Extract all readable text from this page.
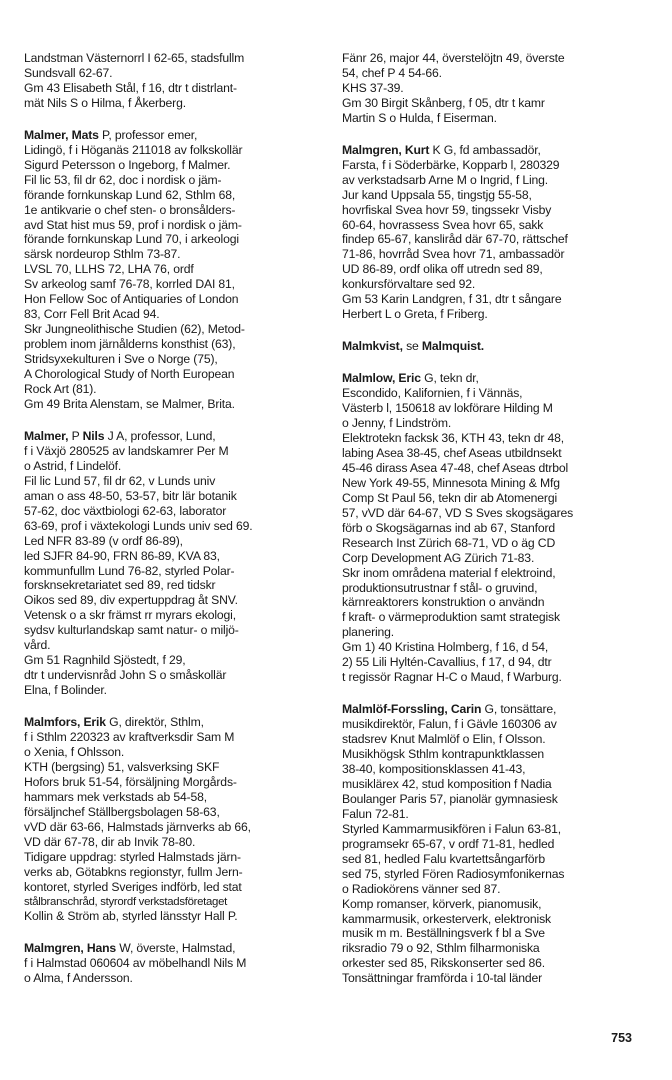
Landstman Västernorrl I 62-65, stadsfullm
Sundsvall 62-67.
Gm 43 Elisabeth Stål, f 16, dtr t distrlant-
mät Nils S o Hilma, f Åkerberg.
Malmer, Mats P, professor emer,
Lidingö, f i Höganäs 211018 av folkskollär
Sigurd Petersson o Ingeborg, f Malmer.
Fil lic 53, fil dr 62, doc i nordisk o jäm-
förande fornkunskap Lund 62, Sthlm 68,
1e antikvarie o chef sten- o bronsålders-
avd Stat hist mus 59, prof i nordisk o jäm-
förande fornkunskap Lund 70, i arkeologi
särsk nordeurop Sthlm 73-87.
LVSL 70, LLHS 72, LHA 76, ordf
Sv arkeolog samf 76-78, korrled DAI 81,
Hon Fellow Soc of Antiquaries of London
83, Corr Fell Brit Acad 94.
Skr Jungneolithische Studien (62), Metod-
problem inom järnålderns konsthist (63),
Stridsyxekulturen i Sve o Norge (75),
A Chorological Study of North European
Rock Art (81).
Gm 49 Brita Alenstam, se Malmer, Brita.
Malmer, P Nils J A, professor, Lund,
f i Växjö 280525 av landskamrer Per M
o Astrid, f Lindelöf.
Fil lic Lund 57, fil dr 62, v Lunds univ
aman o ass 48-50, 53-57, bitr lär botanik
57-62, doc växtbiologi 62-63, laborator
63-69, prof i växtekologi Lunds univ sed 69.
Led NFR 83-89 (v ordf 86-89),
led SJFR 84-90, FRN 86-89, KVA 83,
kommunfullm Lund 76-82, styrled Polar-
forsknsekretariatet sed 89, red tidskr
Oikos sed 89, div expertuppdrag åt SNV.
Vetensk o a skr främst rr myrars ekologi,
sydsv kulturlandskap samt natur- o miljö-
vård.
Gm 51 Ragnhild Sjöstedt, f 29,
dtr t undervisnråd John S o småskollär
Elna, f Bolinder.
Malmfors, Erik G, direktör, Sthlm,
f i Sthlm 220323 av kraftverksdir Sam M
o Xenia, f Ohlsson.
KTH (bergsing) 51, valsverksing SKF
Hofors bruk 51-54, försäljning Morgårds-
hammars mek verkstads ab 54-58,
försäljnchef Ställbergsbolagen 58-63,
vVD där 63-66, Halmstads järnverks ab 66,
VD där 67-78, dir ab Invik 78-80.
Tidigare uppdrag: styrled Halmstads järn-
verks ab, Götabkns regionstyr, fullm Jern-
kontoret, styrled Sveriges indförb, led stat
stålbranschråd, styrordf verkstadsföretaget
Kollin & Ström ab, styrled länsstyr Hall P.
Malmgren, Hans W, överste, Halmstad,
f i Halmstad 060604 av möbelhandl Nils M
o Alma, f Andersson.
Fänr 26, major 44, överstelöjtn 49, överste
54, chef P 4 54-66.
KHS 37-39.
Gm 30 Birgit Skånberg, f 05, dtr t kamr
Martin S o Hulda, f Eiserman.
Malmgren, Kurt K G, fd ambassadör,
Farsta, f i Söderbärke, Kopparb l, 280329
av verkstadsarb Arne M o Ingrid, f Ling.
Jur kand Uppsala 55, tingstjg 55-58,
hovrfiskal Svea hovr 59, tingssekr Visby
60-64, hovrassess Svea hovr 65, sakk
findep 65-67, kanslіråd där 67-70, rättschef
71-86, hovrråd Svea hovr 71, ambassadör
UD 86-89, ordf olika off utredn sed 89,
konkursförvaltare sed 92.
Gm 53 Karin Landgren, f 31, dtr t sångare
Herbert L o Greta, f Friberg.
Malmkvist, se Malmquist.
Malmlow, Eric G, tekn dr,
Escondido, Kalifornien, f i Vännäs,
Västerb l, 150618 av lokförare Hilding M
o Jenny, f Lindström.
Elektrotekn facksk 36, KTH 43, tekn dr 48,
labing Asea 38-45, chef Aseas utbildnsekt
45-46 dirass Asea 47-48, chef Aseas dtrbol
New York 49-55, Minnesota Mining & Mfg
Comp St Paul 56, tekn dir ab Atomenergi
57, vVD där 64-67, VD S Sves skogsägares
förb o Skogsägarnas ind ab 67, Stanford
Research Inst Zürich 68-71, VD o äg CD
Corp Development AG Zürich 71-83.
Skr inom områdena material f elektroind,
produktionsutrustnar f stål- o gruvind,
kärnreaktorers konstruktion o användn
f kraft- o värmeproduktion samt strategisk
planering.
Gm 1) 40 Kristina Holmberg, f 16, d 54,
2) 55 Lili Hyltén-Cavallius, f 17, d 94, dtr
t regissör Ragnar H-C o Maud, f Warburg.
Malmlöf-Forssling, Carin G, tonsättare,
musikdirektör, Falun, f i Gävle 160306 av
stadsrev Knut Malmlöf o Elin, f Olsson.
Musikhögsk Sthlm kontrapunktklassen
38-40, kompositionsklassen 41-43,
musiklärex 42, stud komposition f Nadia
Boulanger Paris 57, pianolär gymnasiesk
Falun 72-81.
Styrled Kammarmusikfören i Falun 63-81,
programsekr 65-67, v ordf 71-81, hedled
sed 81, hedled Falu kvartettsångarförb
sed 75, styrled Fören Radiosymfonikernas
o Radiokörens vänner sed 87.
Komp romanser, körverk, pianomusik,
kammarmusik, orkesterverk, elektronisk
musik m m. Beställningsverk f bl a Sve
riksradio 79 o 92, Sthlm filharmoniska
orkester sed 85, Rikskonserter sed 86.
Tonsättningar framförda i 10-tal länder
753
